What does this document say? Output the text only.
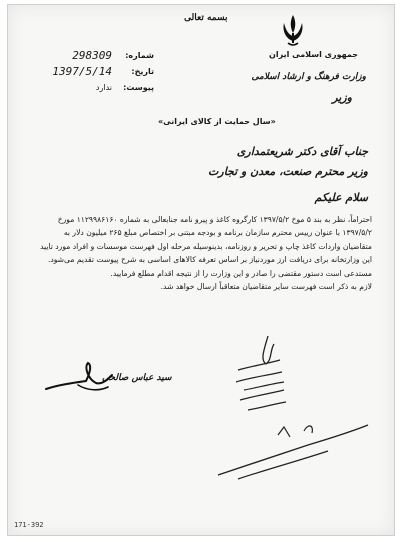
بسمه تعالی
جمهوری اسلامی ایران
وزارت فرهنگ و ارشاد اسلامی
وزیر
شماره:
298309
تاریخ:
1397/5/14
پیوست:
ندارد
«سال حمایت از کالای ایرانی»
جناب آقای دکتر شریعتمداری
وزیر محترم صنعت، معدن و تجارت
سلام علیکم

احتراماً، نظر به بند ۵ موخ ۱۳۹۷/۵/۲ کارگروه کاغذ و پیرو نامه جنابعالی به شماره ۱۱۲۹۹۸۶۱۶۰ مورخ

۱۳۹۷/۵/۲ با عنوان رییس محترم سازمان برنامه و بودجه مبتنی بر اختصاص مبلغ ۲۶۵ میلیون دلار به

متقاضیان واردات کاغذ چاپ و تحریر و روزنامه، بدینوسیله مرحله اول فهرست موسسات و افراد مورد تایید

این وزارتخانه برای دریافت ارز موردنیاز بر اساس تعرفه کالاهای اساسی به شرح پیوست تقدیم می‌شود.

مستدعی است دستور مقتضی را صادر و این وزارت را از نتیجه اقدام مطلع فرمایید.

لازم به ذکر است فهرست سایر متقاضیان متعاقباً ارسال خواهد شد.

سید عباس صالحی
171-392
